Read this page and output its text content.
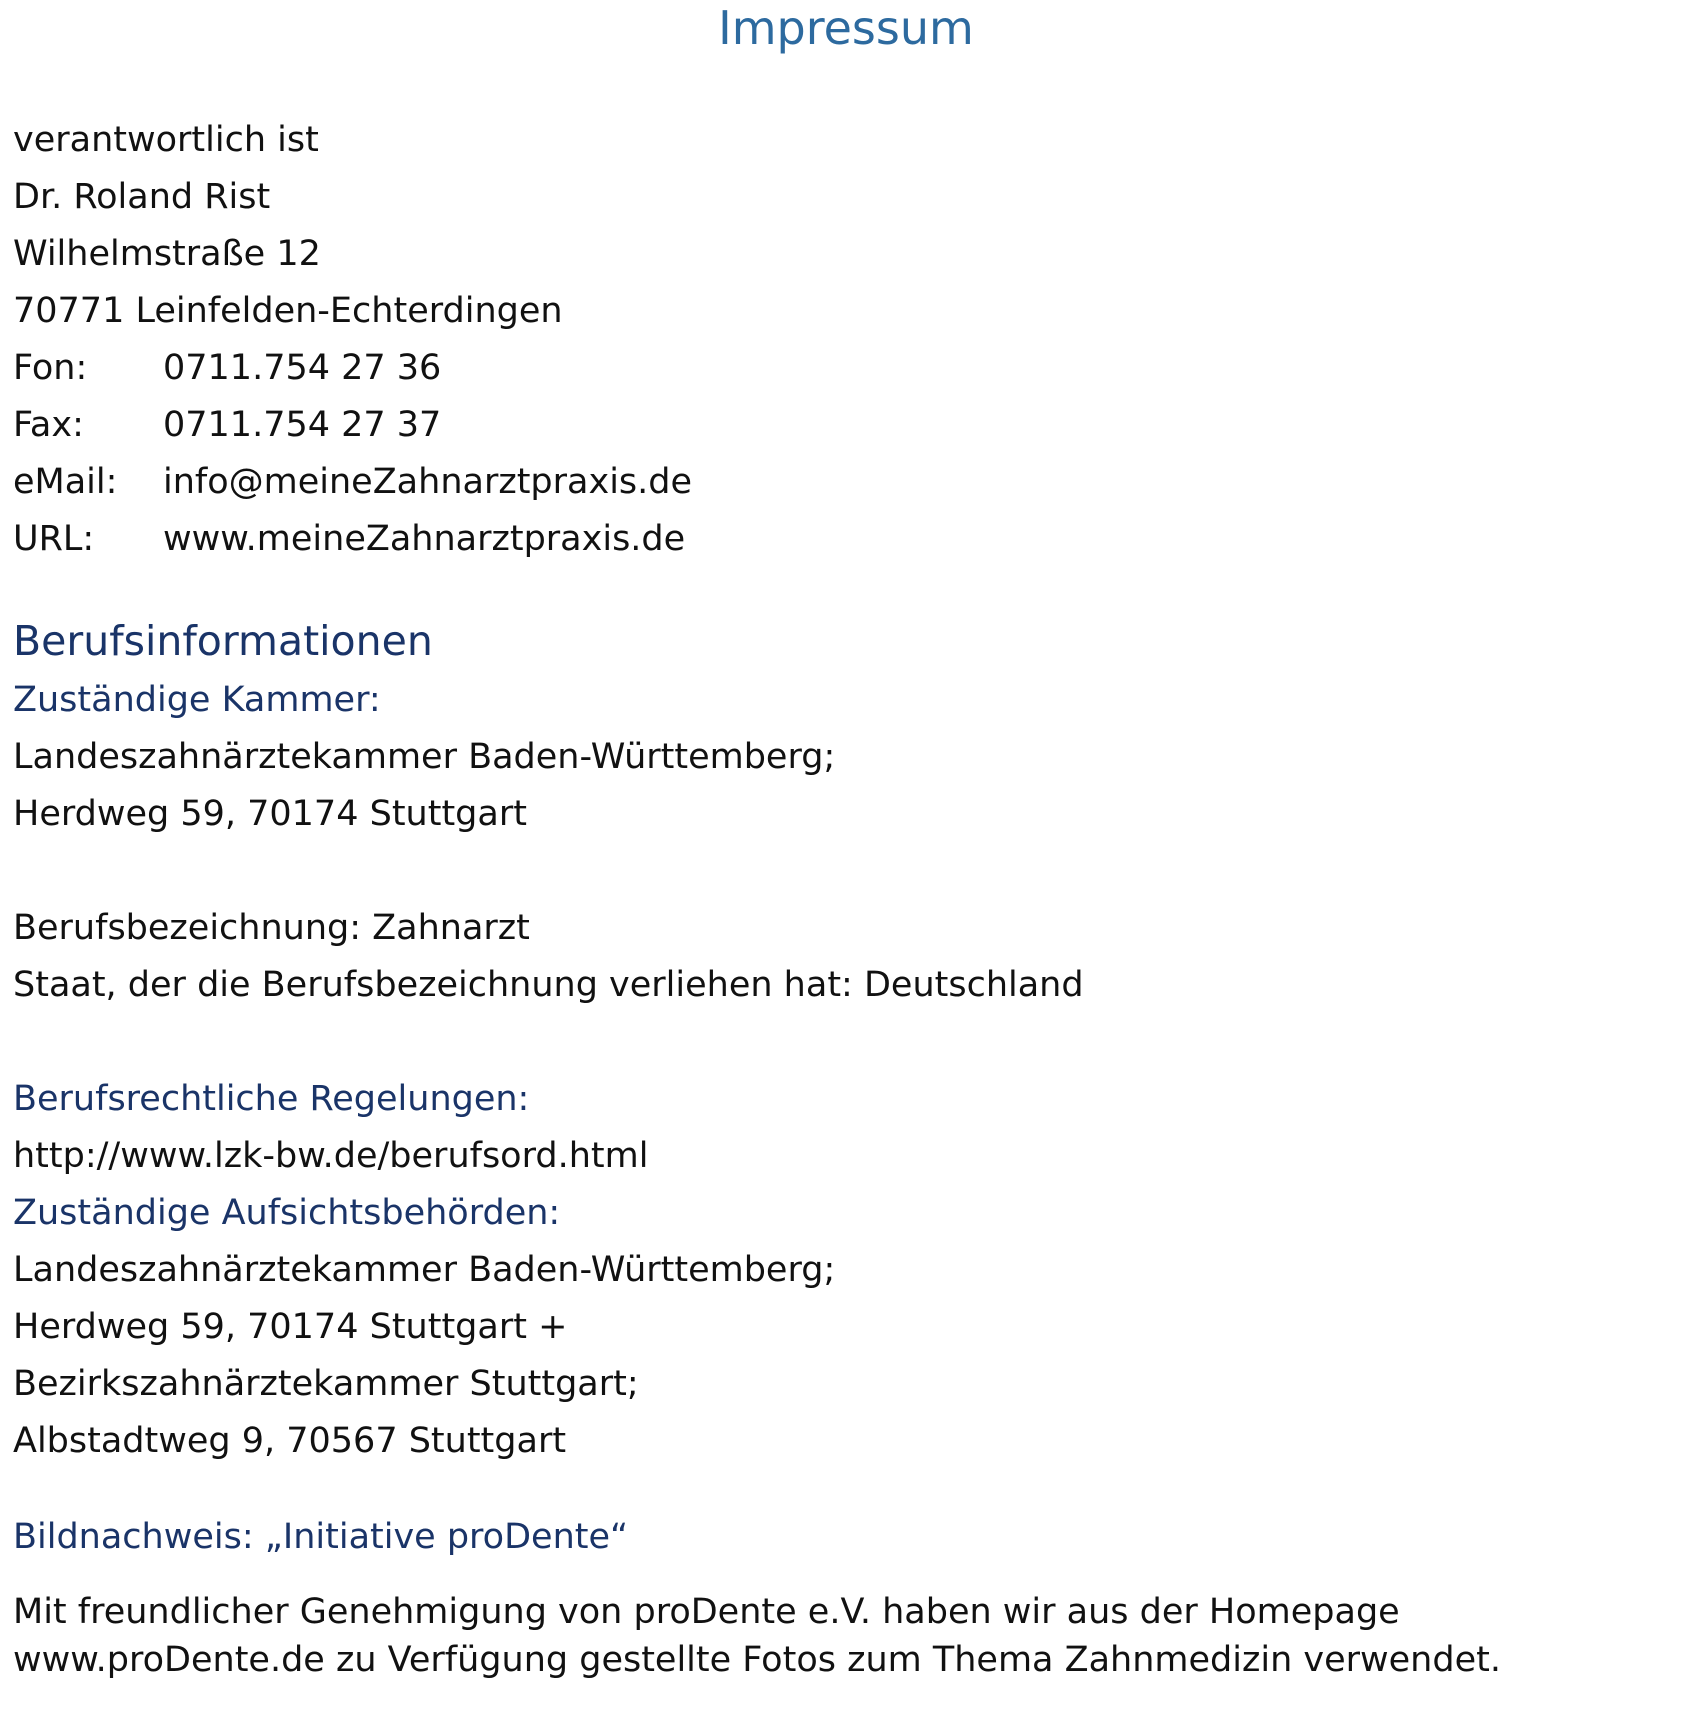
Impressum
verantwortlich ist
Dr. Roland Rist
Wilhelmstraße 12
70771 Leinfelden-Echterdingen
Fon: 0711.754 27 36
Fax: 0711.754 27 37
eMail: info@meineZahnarztpraxis.de
URL: www.meineZahnarztpraxis.de
Berufsinformationen
Zuständige Kammer:
Landeszahnärztekammer Baden-Württemberg;
Herdweg 59, 70174 Stuttgart
Berufsbezeichnung: Zahnarzt
Staat, der die Berufsbezeichnung verliehen hat: Deutschland
Berufsrechtliche Regelungen:
http://www.lzk-bw.de/berufsord.html
Zuständige Aufsichtsbehörden:
Landeszahnärztekammer Baden-Württemberg;
Herdweg 59, 70174 Stuttgart +
Bezirkszahnärztekammer Stuttgart;
Albstadtweg 9, 70567 Stuttgart
Bildnachweis: „Initiative proDente“
Mit freundlicher Genehmigung von proDente e.V. haben wir aus der Homepage
www.proDente.de zu Verfügung gestellte Fotos zum Thema Zahnmedizin verwendet.
